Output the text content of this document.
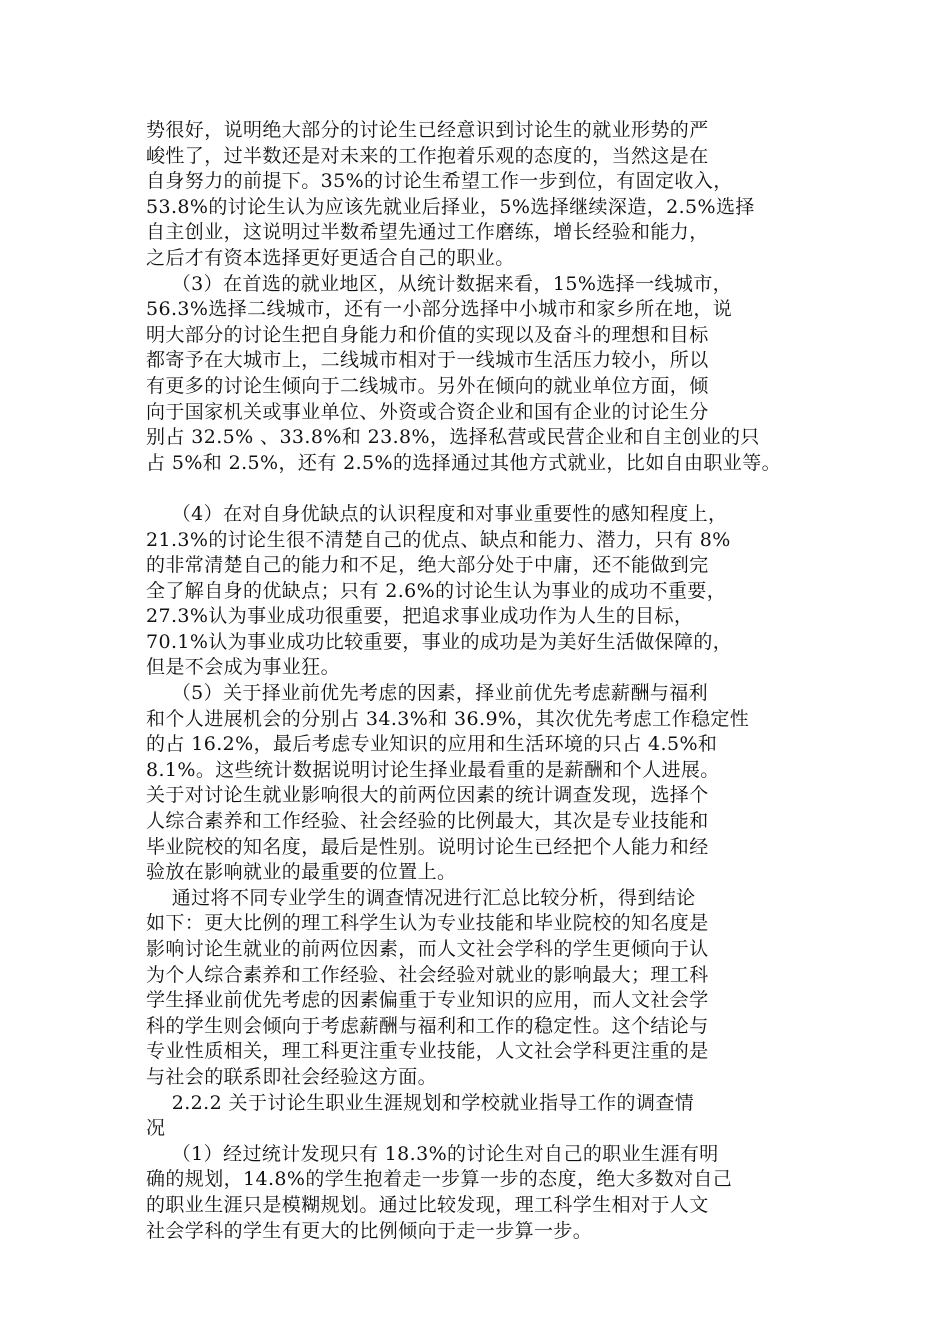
势很好，说明绝大部分的讨论生已经意识到讨论生的就业形势的严
峻性了，过半数还是对未来的工作抱着乐观的态度的，当然这是在
自身努力的前提下。35%的讨论生希望工作一步到位，有固定收入，
53.8%的讨论生认为应该先就业后择业，5%选择继续深造，2.5%选择
自主创业，这说明过半数希望先通过工作磨练，增长经验和能力，
之后才有资本选择更好更适合自己的职业。
（3）在首选的就业地区，从统计数据来看，15%选择一线城市，
56.3%选择二线城市，还有一小部分选择中小城市和家乡所在地，说
明大部分的讨论生把自身能力和价值的实现以及奋斗的理想和目标
都寄予在大城市上，二线城市相对于一线城市生活压力较小，所以
有更多的讨论生倾向于二线城市。另外在倾向的就业单位方面，倾
向于国家机关或事业单位、外资或合资企业和国有企业的讨论生分
别占 32.5% 、33.8%和 23.8%，选择私营或民营企业和自主创业的只
占 5%和 2.5%，还有 2.5%的选择通过其他方式就业，比如自由职业等。
（4）在对自身优缺点的认识程度和对事业重要性的感知程度上，
21.3%的讨论生很不清楚自己的优点、缺点和能力、潜力，只有 8%
的非常清楚自己的能力和不足，绝大部分处于中庸，还不能做到完
全了解自身的优缺点；只有 2.6%的讨论生认为事业的成功不重要，
27.3%认为事业成功很重要，把追求事业成功作为人生的目标，
70.1%认为事业成功比较重要，事业的成功是为美好生活做保障的，
但是不会成为事业狂。
（5）关于择业前优先考虑的因素，择业前优先考虑薪酬与福利
和个人进展机会的分别占 34.3%和 36.9%，其次优先考虑工作稳定性
的占 16.2%，最后考虑专业知识的应用和生活环境的只占 4.5%和
8.1%。这些统计数据说明讨论生择业最看重的是薪酬和个人进展。
关于对讨论生就业影响很大的前两位因素的统计调查发现，选择个
人综合素养和工作经验、社会经验的比例最大，其次是专业技能和
毕业院校的知名度，最后是性别。说明讨论生已经把个人能力和经
验放在影响就业的最重要的位置上。
通过将不同专业学生的调查情况进行汇总比较分析，得到结论
如下：更大比例的理工科学生认为专业技能和毕业院校的知名度是
影响讨论生就业的前两位因素，而人文社会学科的学生更倾向于认
为个人综合素养和工作经验、社会经验对就业的影响最大；理工科
学生择业前优先考虑的因素偏重于专业知识的应用，而人文社会学
科的学生则会倾向于考虑薪酬与福利和工作的稳定性。这个结论与
专业性质相关，理工科更注重专业技能，人文社会学科更注重的是
与社会的联系即社会经验这方面。
2.2.2 关于讨论生职业生涯规划和学校就业指导工作的调查情
况
（1）经过统计发现只有 18.3%的讨论生对自己的职业生涯有明
确的规划，14.8%的学生抱着走一步算一步的态度，绝大多数对自己
的职业生涯只是模糊规划。通过比较发现，理工科学生相对于人文
社会学科的学生有更大的比例倾向于走一步算一步。
